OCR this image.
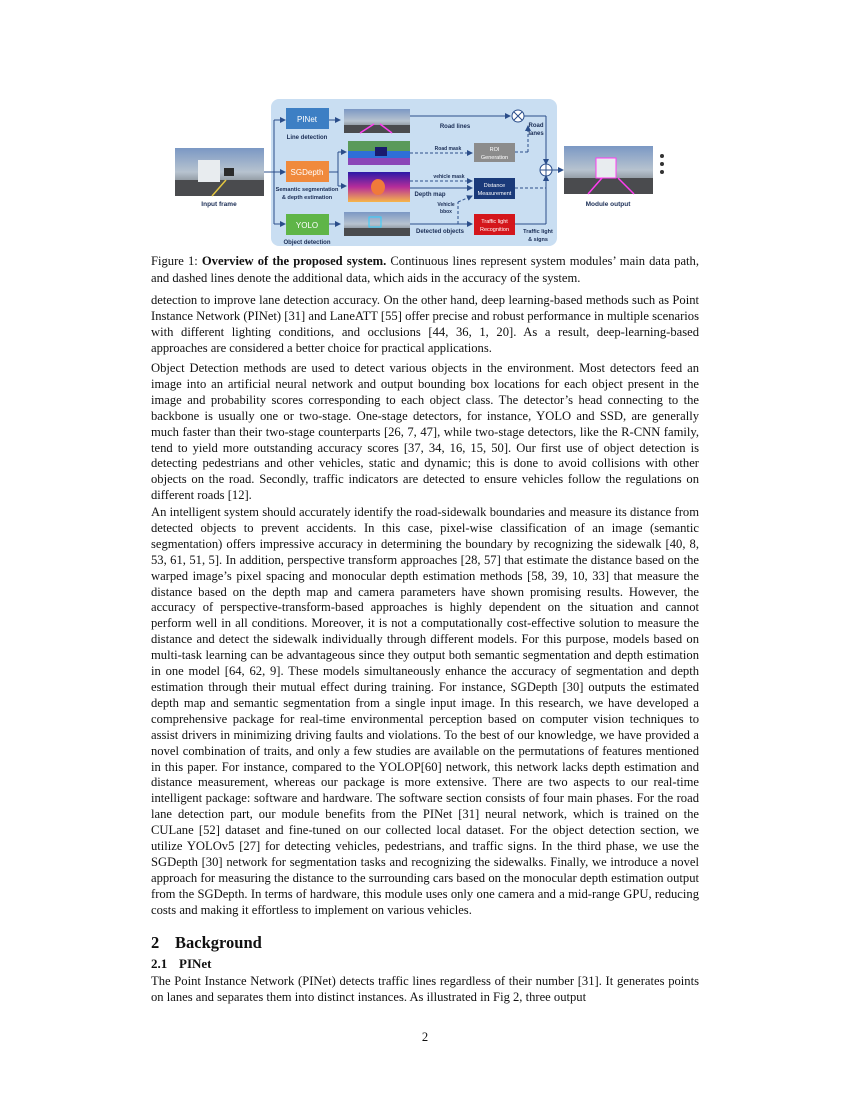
Input frame
PINet
Line detection
SGDepth
Semantic segmentation
& depth estimation
YOLO
Object detection
Road lines	Road
lanes
Road mask	ROI
Generation
vehicle mask
Depth map
Distance
Measurement
Vehicle
bbox
Detected objects
Traffic light
Recognition	Traffic light
& signs
Module output
Figure 1: Overview of the proposed system. Continuous lines represent system modules’ main data path, and dashed lines denote the additional data, which aids in the accuracy of the system.

detection to improve lane detection accuracy. On the other hand, deep learning-based methods such as Point Instance Network (PINet) [31] and LaneATT [55] offer precise and robust performance in multiple scenarios with different lighting conditions, and occlusions [44, 36, 1, 20]. As a result, deep-learning-based approaches are considered a better choice for practical applications.

Object Detection methods are used to detect various objects in the environment. Most detectors feed an image into an artificial neural network and output bounding box locations for each object present in the image and probability scores corresponding to each object class. The detector’s head connecting to the backbone is usually one or two-stage. One-stage detectors, for instance, YOLO and SSD, are generally much faster than their two-stage counterparts [26, 7, 47], while two-stage detectors, like the R-CNN family, tend to yield more outstanding accuracy scores [37, 34, 16, 15, 50]. Our first use of object detection is detecting pedestrians and other vehicles, static and dynamic; this is done to avoid collisions with other objects on the road. Secondly, traffic indicators are detected to ensure vehicles follow the regulations on different roads [12].

An intelligent system should accurately identify the road-sidewalk boundaries and measure its distance from detected objects to prevent accidents. In this case, pixel-wise classification of an image (semantic segmentation) offers impressive accuracy in determining the boundary by recognizing the sidewalk [40, 8, 53, 61, 51, 5]. In addition, perspective transform approaches [28, 57] that estimate the distance based on the warped image’s pixel spacing and monocular depth estimation methods [58, 39, 10, 33] that measure the distance based on the depth map and camera parameters have shown promising results. However, the accuracy of perspective-transform-based approaches is highly dependent on the situation and cannot perform well in all conditions. Moreover, it is not a computationally cost-effective solution to measure the distance and detect the sidewalk individually through different models. For this purpose, models based on multi-task learning can be advantageous since they output both semantic segmentation and depth estimation in one model [64, 62, 9]. These models simultaneously enhance the accuracy of segmentation and depth estimation through their mutual effect during training. For instance, SGDepth [30] outputs the estimated depth map and semantic segmentation from a single input image. In this research, we have developed a comprehensive package for real-time environmental perception based on computer vision techniques to assist drivers in minimizing driving faults and violations. To the best of our knowledge, we have provided a novel combination of traits, and only a few studies are available on the permutations of features mentioned in this paper. For instance, compared to the YOLOP[60] network, this network lacks depth estimation and distance measurement, whereas our package is more extensive. There are two aspects to our real-time intelligent package: software and hardware. The software section consists of four main phases. For the road lane detection part, our module benefits from the PINet [31] neural network, which is trained on the CULane [52] dataset and fine-tuned on our collected local dataset. For the object detection section, we utilize YOLOv5 [27] for detecting vehicles, pedestrians, and traffic signs. In the third phase, we use the SGDepth [30] network for segmentation tasks and recognizing the sidewalks. Finally, we introduce a novel approach for measuring the distance to the surrounding cars based on the monocular depth estimation output from the SGDepth. In terms of hardware, this module uses only one camera and a mid-range GPU, reducing costs and making it effortless to implement on various vehicles.

2 Background
2.1 PINet

The Point Instance Network (PINet) detects traffic lines regardless of their number [31]. It generates points on lanes and separates them into distinct instances. As illustrated in Fig 2, three output

2
